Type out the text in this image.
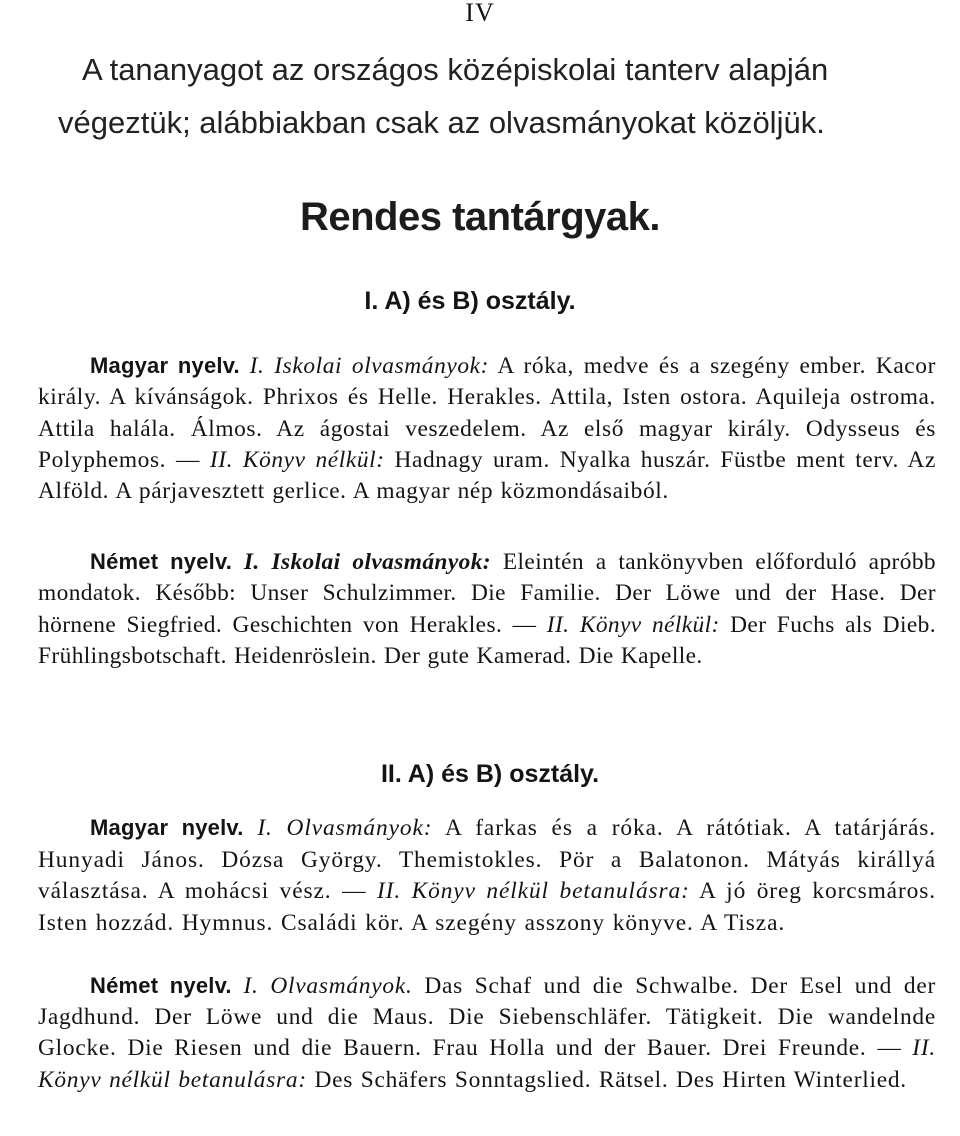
IV

A tananyagot az országos középiskolai tanterv alapján

végeztük; alábbiakban csak az olvasmányokat közöljük.

Rendes tantárgyak.
I. A) és B) osztály.

Magyar nyelv. I. Iskolai olvasmányok: A róka, medve és a szegény ember. Kacor király. A kívánságok. Phrixos és Helle. Herakles. Attila, Isten ostora. Aquileja ostroma. Attila halála. Álmos. Az ágostai veszedelem. Az első magyar király. Odysseus és Polyphemos. — II. Könyv nélkül: Hadnagy uram. Nyalka huszár. Füstbe ment terv. Az Alföld. A párjavesztett gerlice. A magyar nép közmondásaiból.

Német nyelv. I. Iskolai olvasmányok: Eleintén a tankönyvben előforduló apróbb mondatok. Később: Unser Schulzimmer. Die Familie. Der Löwe und der Hase. Der hörnene Siegfried. Geschichten von Herakles. — II. Könyv nélkül: Der Fuchs als Dieb. Frühlingsbotschaft. Heidenröslein. Der gute Kamerad. Die Kapelle.

II. A) és B) osztály.

Magyar nyelv. I. Olvasmányok: A farkas és a róka. A rátótiak. A tatárjárás. Hunyadi János. Dózsa György. Themistokles. Pör a Balatonon. Mátyás királlyá választása. A mohácsi vész. — II. Könyv nélkül betanulásra: A jó öreg korcsmáros. Isten hozzád. Hymnus. Családi kör. A szegény asszony könyve. A Tisza.

Német nyelv. I. Olvasmányok. Das Schaf und die Schwalbe. Der Esel und der Jagdhund. Der Löwe und die Maus. Die Siebenschläfer. Tätigkeit. Die wandelnde Glocke. Die Riesen und die Bauern. Frau Holla und der Bauer. Drei Freunde. — II. Könyv nélkül betanulásra: Des Schäfers Sonntagslied. Rätsel. Des Hirten Winterlied.
